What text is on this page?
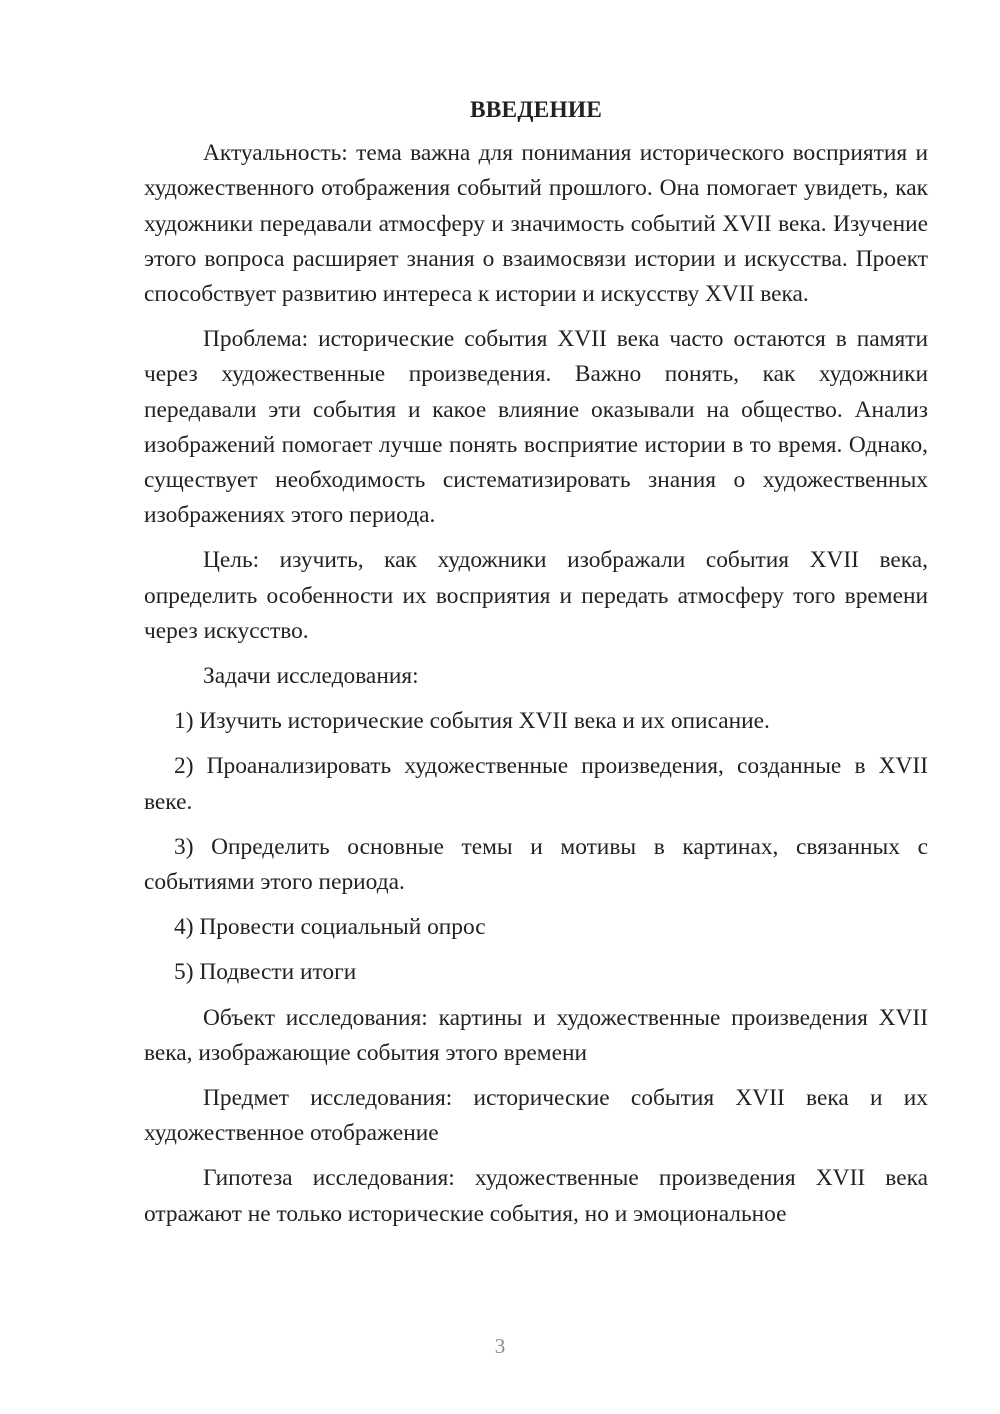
ВВЕДЕНИЕ

Актуальность: тема важна для понимания исторического восприятия и художественного отображения событий прошлого. Она помогает увидеть, как художники передавали атмосферу и значимость событий XVII века. Изучение этого вопроса расширяет знания о взаимосвязи истории и искусства. Проект способствует развитию интереса к истории и искусству XVII века.

Проблема: исторические события XVII века часто остаются в памяти через художественные произведения. Важно понять, как художники передавали эти события и какое влияние оказывали на общество. Анализ изображений помогает лучше понять восприятие истории в то время. Однако, существует необходимость систематизировать знания о художественных изображениях этого периода.

Цель: изучить, как художники изображали события XVII века, определить особенности их восприятия и передать атмосферу того времени через искусство.

Задачи исследования:

1) Изучить исторические события XVII века и их описание.

2) Проанализировать художественные произведения, созданные в XVII веке.

3) Определить основные темы и мотивы в картинах, связанных с событиями этого периода.

4) Провести социальный опрос

5) Подвести итоги

Объект исследования: картины и художественные произведения XVII века, изображающие события этого времени

Предмет исследования: исторические события XVII века и их художественное отображение

Гипотеза исследования: художественные произведения XVII века отражают не только исторические события, но и эмоциональное

3
